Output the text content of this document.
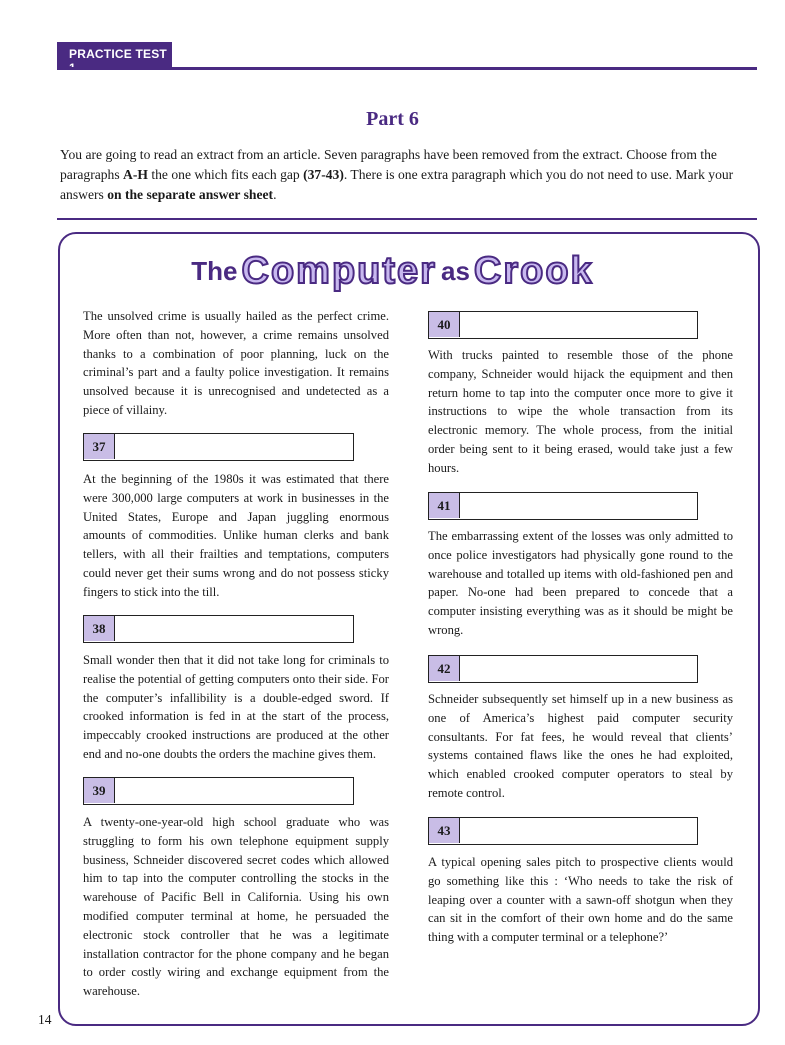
PRACTICE TEST
Part 6
You are going to read an extract from an article. Seven paragraphs have been removed from the extract. Choose from the paragraphs A-H the one which fits each gap (37-43). There is one extra paragraph which you do not need to use. Mark your answers on the separate answer sheet.
The Computer as Crook

The unsolved crime is usually hailed as the perfect crime. More often than not, however, a crime remains unsolved thanks to a combination of poor planning, luck on the criminal’s part and a faulty police investigation. It remains unsolved because it is unrecognised and undetected as a piece of villainy.

37

At the beginning of the 1980s it was estimated that there were 300,000 large computers at work in businesses in the United States, Europe and Japan juggling enormous amounts of commodities. Unlike human clerks and bank tellers, with all their frailties and temptations, computers could never get their sums wrong and do not possess sticky fingers to stick into the till.

38

Small wonder then that it did not take long for criminals to realise the potential of getting computers onto their side. For the computer’s infallibility is a double-edged sword. If crooked information is fed in at the start of the process, impeccably crooked instructions are produced at the other end and no-one doubts the orders the machine gives them.

39

A twenty-one-year-old high school graduate who was struggling to form his own telephone equipment supply business, Schneider discovered secret codes which allowed him to tap into the computer controlling the stocks in the warehouse of Pacific Bell in California. Using his own modified computer terminal at home, he persuaded the electronic stock controller that he was a legitimate installation contractor for the phone company and he began to order costly wiring and exchange equipment from the warehouse.

40

With trucks painted to resemble those of the phone company, Schneider would hijack the equipment and then return home to tap into the computer once more to give it instructions to wipe the whole transaction from its electronic memory. The whole process, from the initial order being sent to it being erased, would take just a few hours.

41

The embarrassing extent of the losses was only admitted to once police investigators had physically gone round to the warehouse and totalled up items with old-fashioned pen and paper. No-one had been prepared to concede that a computer insisting everything was as it should be might be wrong.

42

Schneider subsequently set himself up in a new business as one of America’s highest paid computer security consultants. For fat fees, he would reveal that clients’ systems contained flaws like the ones he had exploited, which enabled crooked computer operators to steal by remote control.

43

A typical opening sales pitch to prospective clients would go something like this : ‘Who needs to take the risk of leaping over a counter with a sawn-off shotgun when they can sit in the comfort of their own home and do the same thing with a computer terminal or a telephone?’

14
